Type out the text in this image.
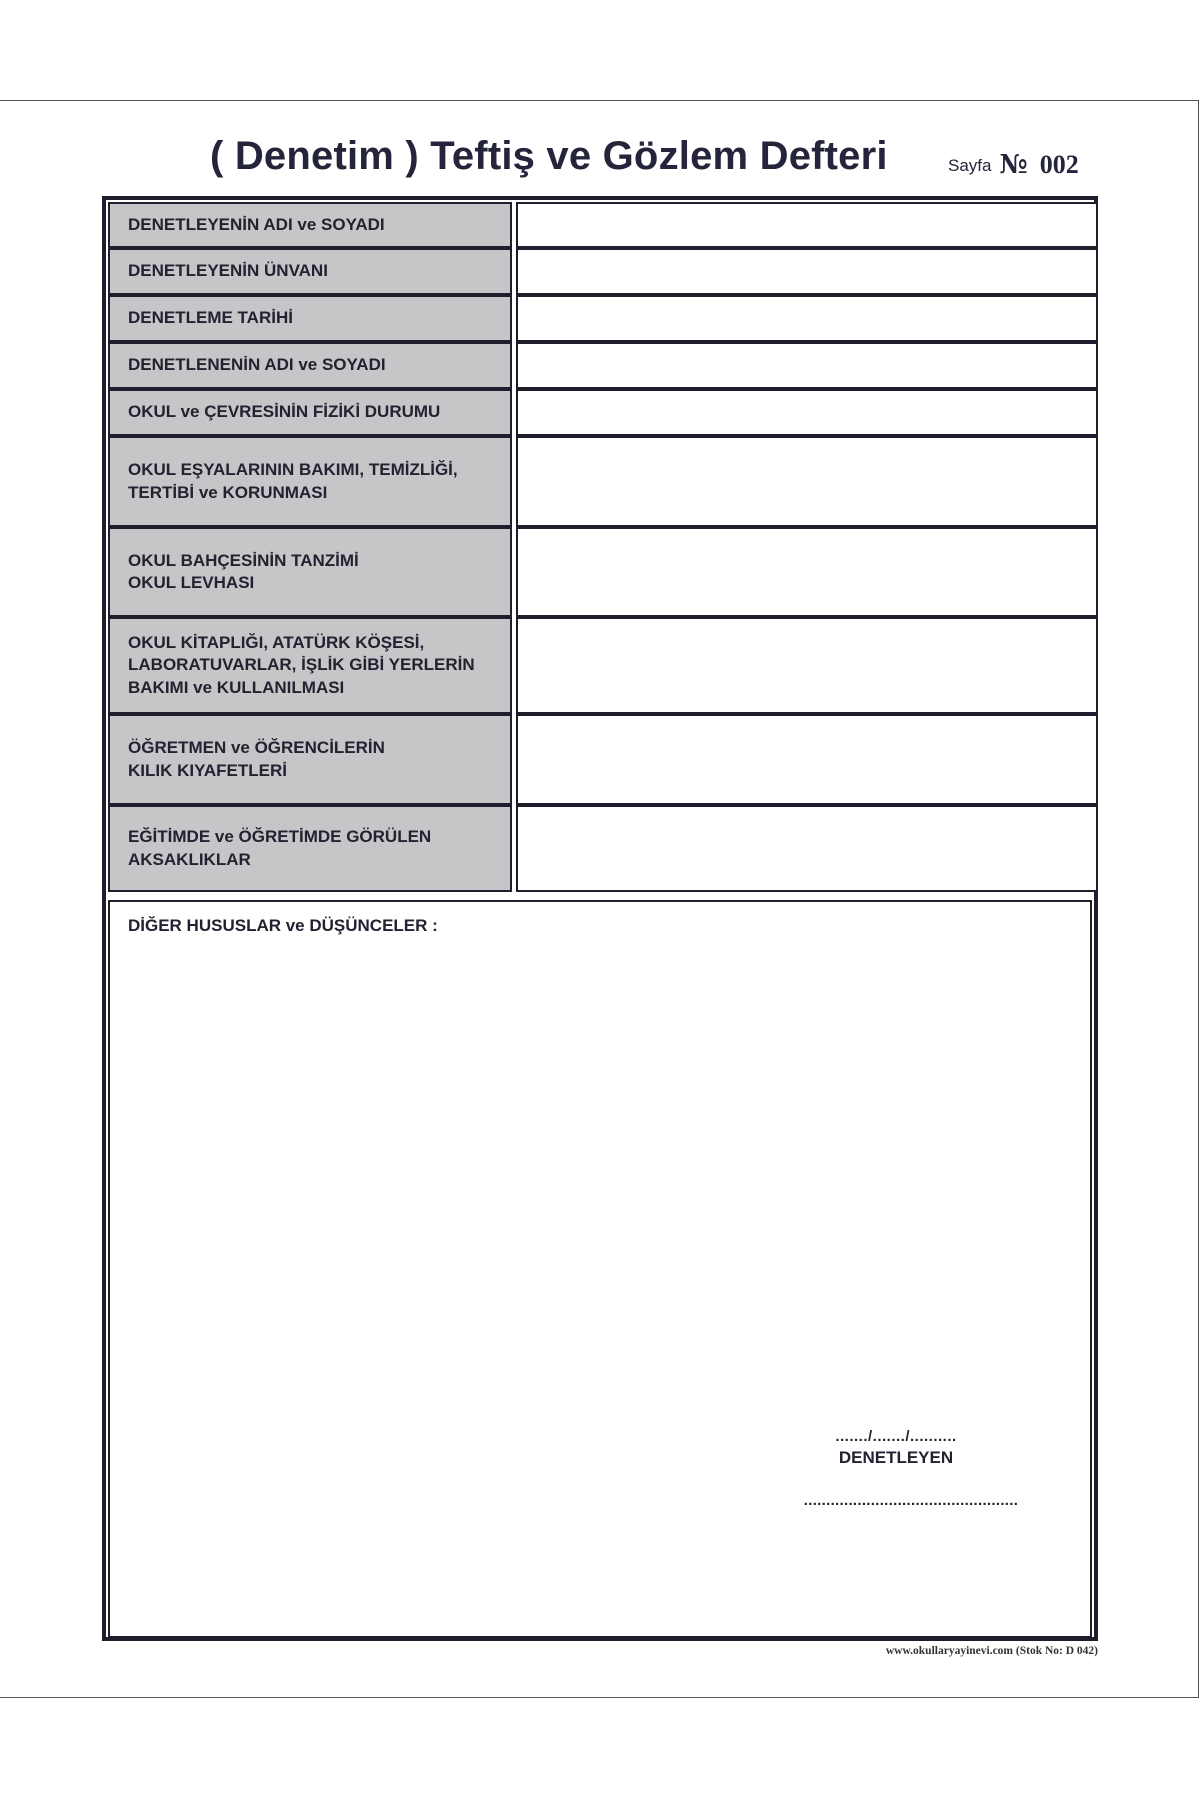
( Denetim ) Teftiş ve Gözlem Defteri	Sayfa № 002
DENETLEYENİN ADI ve SOYADI
DENETLEYENİN ÜNVANI
DENETLEME TARİHİ
DENETLENENİN ADI ve SOYADI
OKUL ve ÇEVRESİNİN FİZİKİ DURUMU
OKUL EŞYALARININ BAKIMI, TEMİZLİĞİ,
TERTİBİ ve KORUNMASI
OKUL BAHÇESİNİN TANZİMİ
OKUL LEVHASI
OKUL KİTAPLIĞI, ATATÜRK KÖŞESİ,
LABORATUVARLAR, İŞLİK GİBİ YERLERİN
BAKIMI ve KULLANILMASI
ÖĞRETMEN ve ÖĞRENCİLERİN
KILIK KIYAFETLERİ
EĞİTİMDE ve ÖĞRETİMDE GÖRÜLEN
AKSAKLIKLAR
DİĞER HUSUSLAR ve DÜŞÜNCELER :
......./......./..........
DENETLEYEN
................................................
www.okullaryayinevi.com (Stok No: D 042)
